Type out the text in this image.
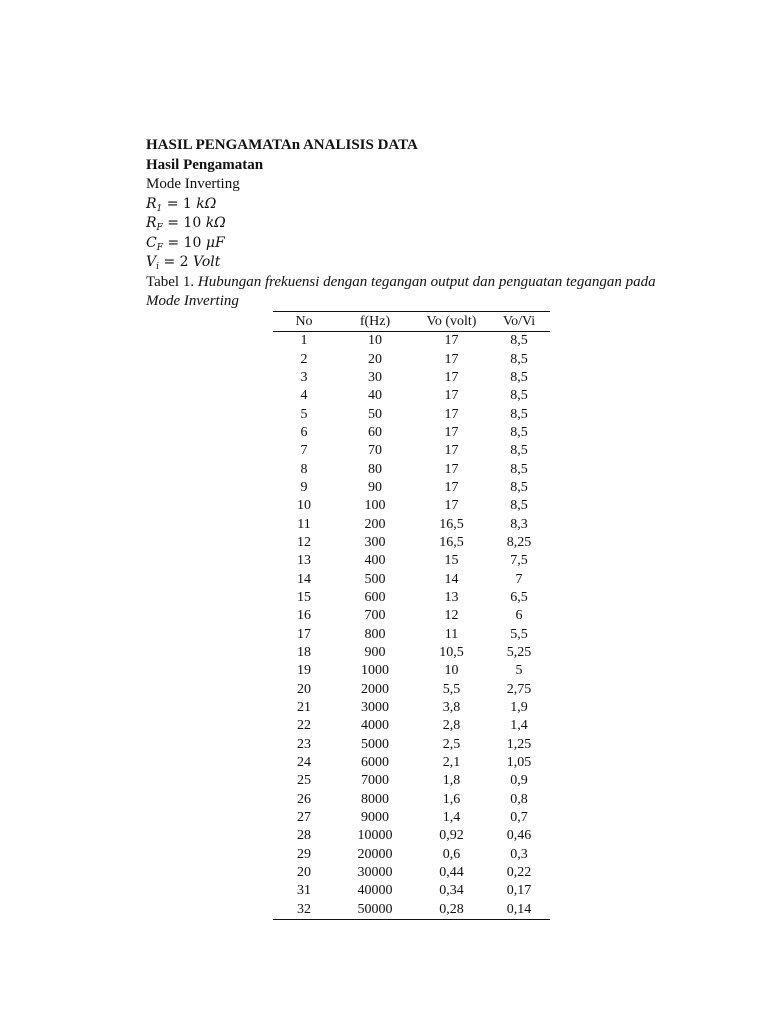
HASIL PENGAMATAn ANALISIS DATA
Hasil Pengamatan
Mode Inverting
$R_1 = 1$ kΩ
$R_F = 10$ kΩ
$C_F = 10$ μF
$V_i = 2$ Volt
Tabel 1. Hubungan frekuensi dengan tegangan output dan penguatan tegangan pada
Mode Inverting
No	f(Hz)	Vo (volt)	Vo/Vi
1	10	17	8,5
2	20	17	8,5
3	30	17	8,5
4	40	17	8,5
5	50	17	8,5
6	60	17	8,5
7	70	17	8,5
8	80	17	8,5
9	90	17	8,5
10	100	17	8,5
11	200	16,5	8,3
12	300	16,5	8,25
13	400	15	7,5
14	500	14	7
15	600	13	6,5
16	700	12	6
17	800	11	5,5
18	900	10,5	5,25
19	1000	10	5
20	2000	5,5	2,75
21	3000	3,8	1,9
22	4000	2,8	1,4
23	5000	2,5	1,25
24	6000	2,1	1,05
25	7000	1,8	0,9
26	8000	1,6	0,8
27	9000	1,4	0,7
28	10000	0,92	0,46
29	20000	0,6	0,3
20	30000	0,44	0,22
31	40000	0,34	0,17
32	50000	0,28	0,14
